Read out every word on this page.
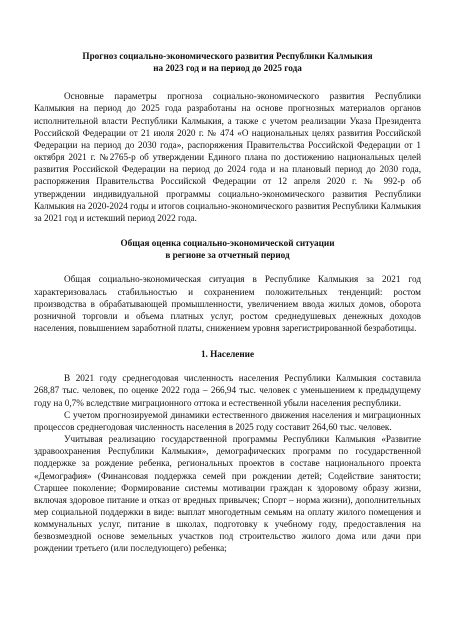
Прогноз социально-экономического развития Республики Калмыкия
на 2023 год и на период до 2025 года

Основные параметры прогноза социально-экономического развития Республики Калмыкия на период до 2025 года разработаны на основе прогнозных материалов органов исполнительной власти Республики Калмыкия, а также с учетом реализации Указа Президента Российской Федерации от 21 июля 2020 г. № 474 «О национальных целях развития Российской Федерации на период до 2030 года», распоряжения Правительства Российской Федерации от 1 октября 2021 г. №2765-р об утверждении Единого плана по достижению национальных целей развития Российской Федерации на период до 2024 года и на плановый период до 2030 года, распоряжения Правительства Российской Федерации от 12 апреля 2020 г. № 992-р об утверждении индивидуальной программы социально-экономического развития Республики Калмыкия на 2020-2024 годы и итогов социально-экономического развития Республики Калмыкия за 2021 год и истекший период 2022 года.

Общая оценка социально-экономической ситуации
в регионе за отчетный период

Общая социально-экономическая ситуация в Республике Калмыкия за 2021 год характеризовалась стабильностью и сохранением положительных тенденций: ростом производства в обрабатывающей промышленности, увеличением ввода жилых домов, оборота розничной торговли и объема платных услуг, ростом среднедушевых денежных доходов населения, повышением заработной платы, снижением уровня зарегистрированной безработицы.

1. Население

В 2021 году среднегодовая численность населения Республики Калмыкия составила 268,87 тыс. человек, по оценке 2022 года – 266,94 тыс. человек с уменьшением к предыдущему году на 0,7% вследствие миграционного оттока и естественной убыли населения республики.

С учетом прогнозируемой динамики естественного движения населения и миграционных процессов среднегодовая численность населения в 2025 году составит 264,60 тыс. человек.

Учитывая реализацию государственной программы Республики Калмыкия «Развитие здравоохранения Республики Калмыкия», демографических программ по государственной поддержке за рождение ребенка, региональных проектов в составе национального проекта «Демография» (Финансовая поддержка семей при рождении детей; Содействие занятости; Старшее поколение; Формирование системы мотивации граждан к здоровому образу жизни, включая здоровое питание и отказ от вредных привычек; Спорт – норма жизни), дополнительных мер социальной поддержки в виде: выплат многодетным семьям на оплату жилого помещения и коммунальных услуг, питание в школах, подготовку к учебному году, предоставления на безвозмездной основе земельных участков под строительство жилого дома или дачи при рождении третьего (или последующего) ребенка;
